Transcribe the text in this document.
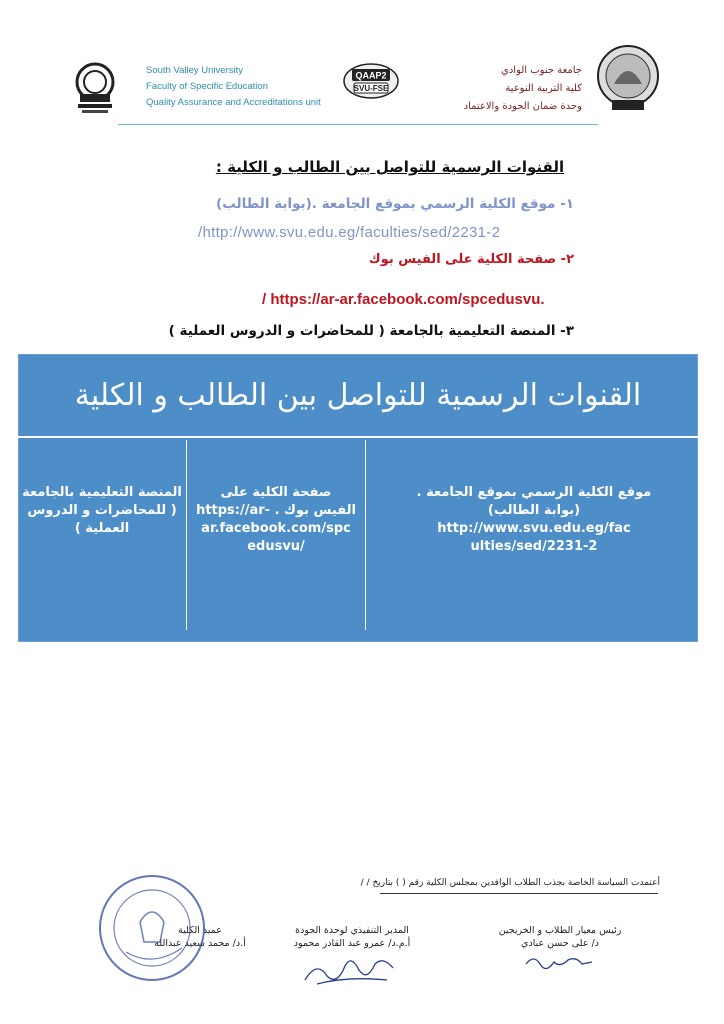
South Valley University
Faculty of Specific Education
Quality Assurance and Accreditations unit
QAAP2
SVU-FSE
جامعة جنوب الوادي
كلية التربية النوعية
وحدة ضمان الجودة والاعتماد
القنوات الرسمية للتواصل بين الطالب و الكلية :
١- موقع الكلية الرسمي بموقع الجامعة .(بوابة الطالب)
/http://www.svu.edu.eg/faculties/sed/2231-2
٢- صفحة الكلية على الفيس بوك
/ https://ar-ar.facebook.com/spcedusvu.
٣- المنصة التعليمية بالجامعة ( للمحاضرات و الدروس العملية )
القنوات الرسمية للتواصل بين الطالب و الكلية
موقع الكلية الرسمي بموقع الجامعة .
(بوابة الطالب)
http://www.svu.edu.eg/fac
ulties/sed/2231-2
صفحة الكلية على
الفيس بوك . -https://ar
ar.facebook.com/spc
edusvu/
المنصة التعليمية بالجامعة
( للمحاضرات و الدروس
العملية )
أعتمدت السياسة الخاصة بجذب الطلاب الوافدين بمجلس الكلية رقم ( ) بتاريخ / /
رئيس معيار الطلاب و الخريجين
د/ على حسن عبادي
المدير التنفيذي لوحدة الجودة
أ.م.د/ عمرو عبد القادر محمود
عميد الكلية
أ.د/ محمد سعيد عبدالله
